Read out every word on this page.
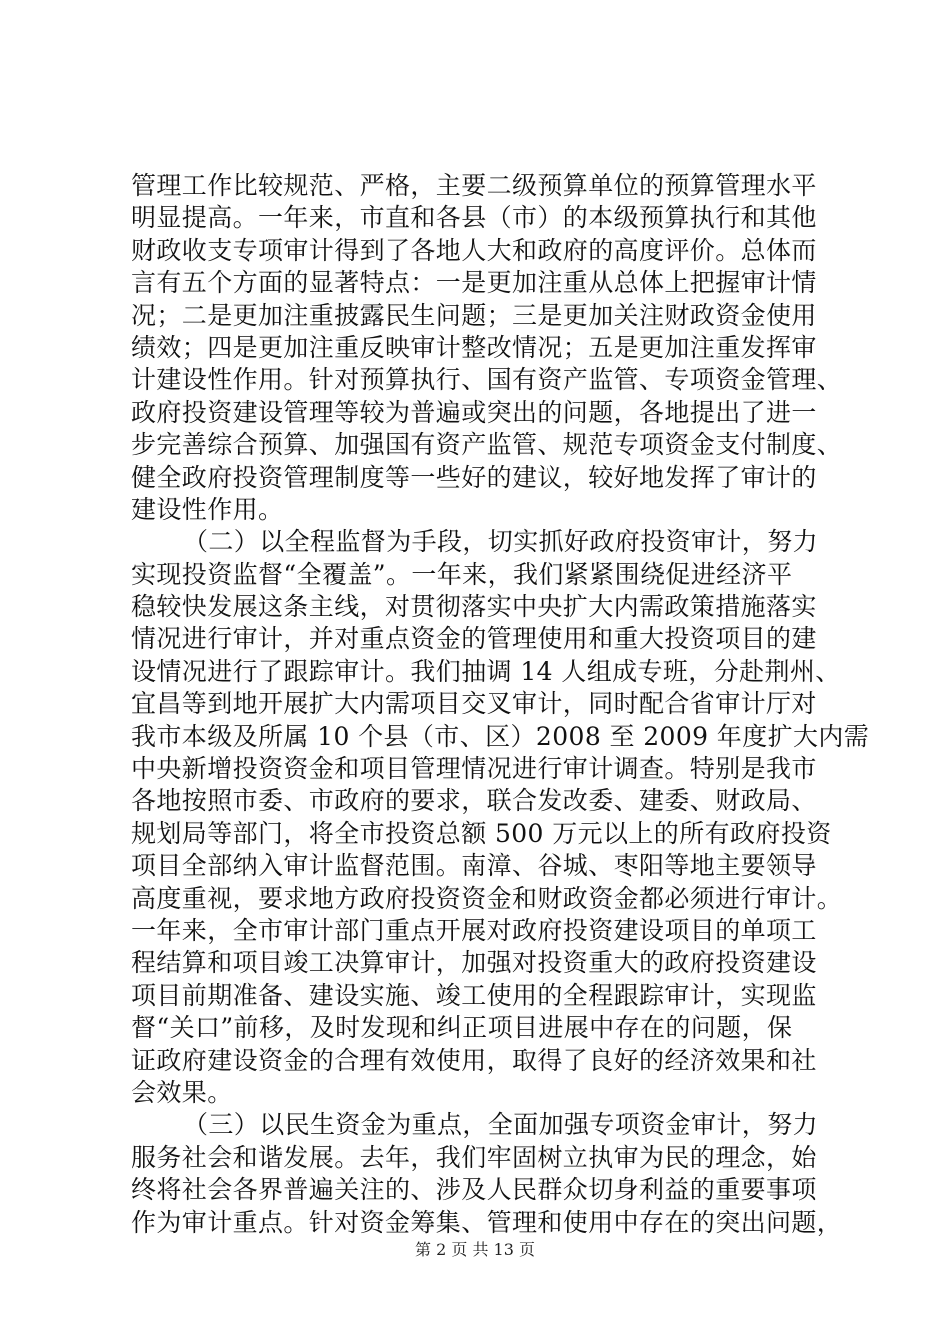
管理工作比较规范、严格，主要二级预算单位的预算管理水平
明显提高。一年来，市直和各县（市）的本级预算执行和其他
财政收支专项审计得到了各地人大和政府的高度评价。总体而
言有五个方面的显著特点：一是更加注重从总体上把握审计情
况；二是更加注重披露民生问题；三是更加关注财政资金使用
绩效；四是更加注重反映审计整改情况；五是更加注重发挥审
计建设性作用。针对预算执行、国有资产监管、专项资金管理、
政府投资建设管理等较为普遍或突出的问题，各地提出了进一
步完善综合预算、加强国有资产监管、规范专项资金支付制度、
健全政府投资管理制度等一些好的建议，较好地发挥了审计的
建设性作用。
（二）以全程监督为手段，切实抓好政府投资审计，努力
实现投资监督“全覆盖”。一年来，我们紧紧围绕促进经济平
稳较快发展这条主线，对贯彻落实中央扩大内需政策措施落实
情况进行审计，并对重点资金的管理使用和重大投资项目的建
设情况进行了跟踪审计。我们抽调 14 人组成专班，分赴荆州、
宜昌等到地开展扩大内需项目交叉审计，同时配合省审计厅对
我市本级及所属 10 个县（市、区）2008 至 2009 年度扩大内需
中央新增投资资金和项目管理情况进行审计调查。特别是我市
各地按照市委、市政府的要求，联合发改委、建委、财政局、
规划局等部门，将全市投资总额 500 万元以上的所有政府投资
项目全部纳入审计监督范围。南漳、谷城、枣阳等地主要领导
高度重视，要求地方政府投资资金和财政资金都必须进行审计。
一年来，全市审计部门重点开展对政府投资建设项目的单项工
程结算和项目竣工决算审计，加强对投资重大的政府投资建设
项目前期准备、建设实施、竣工使用的全程跟踪审计，实现监
督“关口”前移，及时发现和纠正项目进展中存在的问题，保
证政府建设资金的合理有效使用，取得了良好的经济效果和社
会效果。
（三）以民生资金为重点，全面加强专项资金审计，努力
服务社会和谐发展。去年，我们牢固树立执审为民的理念，始
终将社会各界普遍关注的、涉及人民群众切身利益的重要事项
作为审计重点。针对资金筹集、管理和使用中存在的突出问题，
第 2 页 共 13 页
